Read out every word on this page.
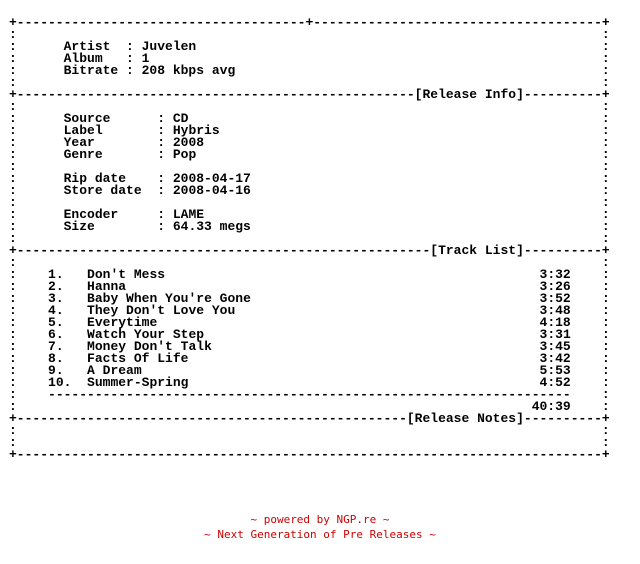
+-------------------------------------+-------------------------------------+
:                                                                           :
:	Artist  : Juvelen	:
:	Album   : 1	:
:	Bitrate : 208 kbps avg	:
:                                                                           :
+---------------------------------------------------[Release Info]----------+
:                                                                           :
:	Source      : CD	:
:	Label       : Hybris	:
:	Year        : 2008	:
:	Genre       : Pop	:
:                                                                           :
:	Rip date    : 2008-04-17	:
:	Store date  : 2008-04-16	:
:                                                                           :
:	Encoder     : LAME	:
:	Size        : 64.33 megs	:
:                                                                           :
+-----------------------------------------------------[Track List]----------+
:                                                                           :
:    1.   Don't Mess	3:32    :
:    2.   Hanna	3:26    :
:    3.   Baby When You're Gone	3:52    :
:    4.   They Don't Love You	3:48    :
:    5.   Everytime	4:18    :
:    6.   Watch Your Step	3:31    :
:    7.   Money Don't Talk	3:45    :
:    8.   Facts Of Life	3:42    :
:    9.   A Dream	5:53    :
:    10.  Summer-Spring	4:52    :
:    -------------------------------------------------------------------    :
:	40:39    :
+--------------------------------------------------[Release Notes]----------+
:                                                                           :
:                                                                           :
+---------------------------------------------------------------------------+
~ powered by NGP.re ~
~ Next Generation of Pre Releases ~
